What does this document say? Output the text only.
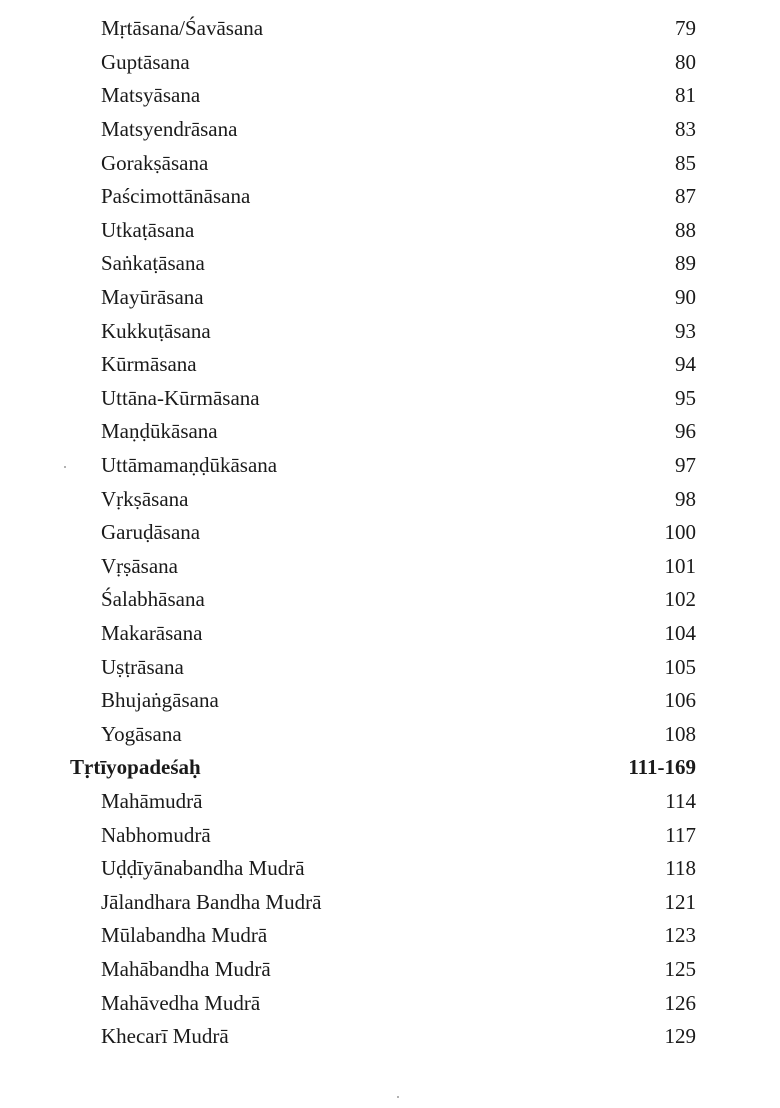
Mṛtāsana/Śavāsana	79
Guptāsana	80
Matsyāsana	81
Matsyendrāsana	83
Gorakṣāsana	85
Paścimottānāsana	87
Utkaṭāsana	88
Saṅkaṭāsana	89
Mayūrāsana	90
Kukkuṭāsana	93
Kūrmāsana	94
Uttāna-Kūrmāsana	95
Maṇḍūkāsana	96
Uttāmamaṇḍūkāsana	97
Vṛkṣāsana	98
Garuḍāsana	100
Vṛṣāsana	101
Śalabhāsana	102
Makarāsana	104
Uṣṭrāsana	105
Bhujaṅgāsana	106
Yogāsana	108
Tṛtīyopadeśaḥ	111-169
Mahāmudrā	114
Nabhomudrā	117
Uḍḍīyānabandha Mudrā	118
Jālandhara Bandha Mudrā	121
Mūlabandha Mudrā	123
Mahābandha Mudrā	125
Mahāvedha Mudrā	126
Khecarī Mudrā	129
